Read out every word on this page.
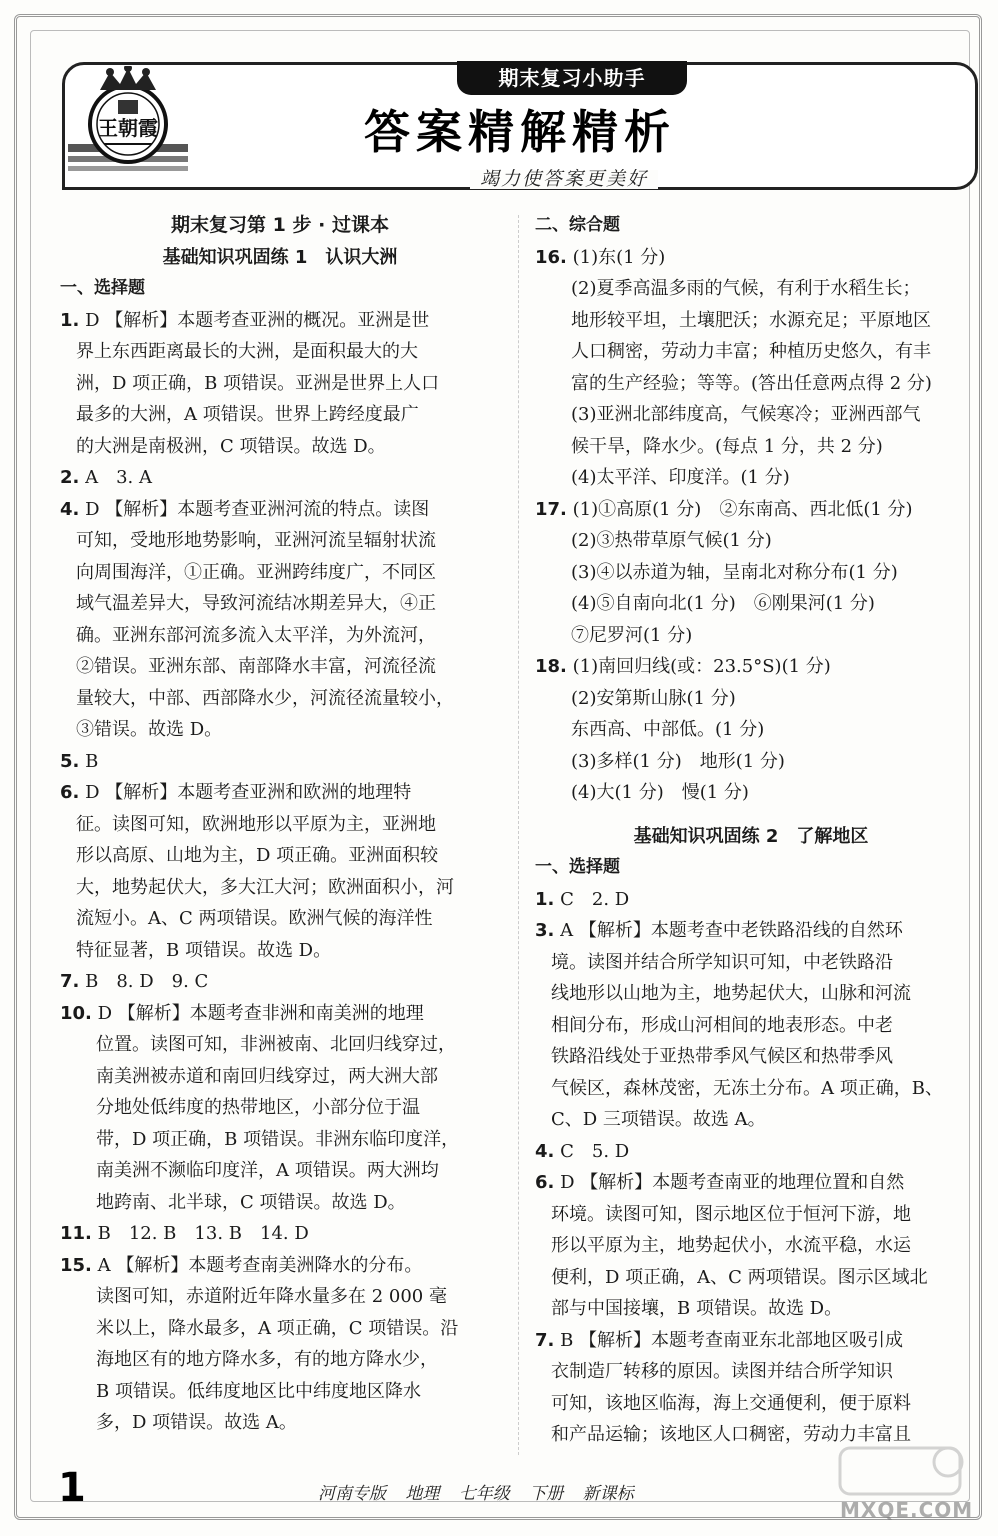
期末复习小助手
答案精解精析
竭力使答案更美好
王朝霞
期末复习第 1 步 · 过课本
基础知识巩固练 1　认识大洲
一、选择题
1. D 【解析】本题考查亚洲的概况。亚洲是世
界上东西距离最长的大洲，是面积最大的大
洲，D 项正确，B 项错误。亚洲是世界上人口
最多的大洲，A 项错误。世界上跨经度最广
的大洲是南极洲，C 项错误。故选 D。
2. A　3. A
4. D 【解析】本题考查亚洲河流的特点。读图
可知，受地形地势影响，亚洲河流呈辐射状流
向周围海洋，①正确。亚洲跨纬度广，不同区
域气温差异大，导致河流结冰期差异大，④正
确。亚洲东部河流多流入太平洋，为外流河，
②错误。亚洲东部、南部降水丰富，河流径流
量较大，中部、西部降水少，河流径流量较小，
③错误。故选 D。
5. B
6. D 【解析】本题考查亚洲和欧洲的地理特
征。读图可知，欧洲地形以平原为主，亚洲地
形以高原、山地为主，D 项正确。亚洲面积较
大，地势起伏大，多大江大河；欧洲面积小，河
流短小。A、C 两项错误。欧洲气候的海洋性
特征显著，B 项错误。故选 D。
7. B　8. D　9. C
10. D 【解析】本题考查非洲和南美洲的地理
位置。读图可知，非洲被南、北回归线穿过，
南美洲被赤道和南回归线穿过，两大洲大部
分地处低纬度的热带地区，小部分位于温
带，D 项正确，B 项错误。非洲东临印度洋，
南美洲不濒临印度洋，A 项错误。两大洲均
地跨南、北半球，C 项错误。故选 D。
11. B　12. B　13. B　14. D
15. A 【解析】本题考查南美洲降水的分布。
读图可知，赤道附近年降水量多在 2 000 毫
米以上，降水最多，A 项正确，C 项错误。沿
海地区有的地方降水多，有的地方降水少，
B 项错误。低纬度地区比中纬度地区降水
多，D 项错误。故选 A。
二、综合题
16. (1)东(1 分)
(2)夏季高温多雨的气候，有利于水稻生长；
地形较平坦，土壤肥沃；水源充足；平原地区
人口稠密，劳动力丰富；种植历史悠久，有丰
富的生产经验；等等。(答出任意两点得 2 分)
(3)亚洲北部纬度高，气候寒冷；亚洲西部气
候干旱，降水少。(每点 1 分，共 2 分)
(4)太平洋、印度洋。(1 分)
17. (1)①高原(1 分)　②东南高、西北低(1 分)
(2)③热带草原气候(1 分)
(3)④以赤道为轴，呈南北对称分布(1 分)
(4)⑤自南向北(1 分)　⑥刚果河(1 分)
⑦尼罗河(1 分)
18. (1)南回归线(或：23.5°S)(1 分)
(2)安第斯山脉(1 分)
东西高、中部低。(1 分)
(3)多样(1 分)　地形(1 分)
(4)大(1 分)　慢(1 分)
基础知识巩固练 2　了解地区
一、选择题
1. C　2. D
3. A 【解析】本题考查中老铁路沿线的自然环
境。读图并结合所学知识可知，中老铁路沿
线地形以山地为主，地势起伏大，山脉和河流
相间分布，形成山河相间的地表形态。中老
铁路沿线处于亚热带季风气候区和热带季风
气候区，森林茂密，无冻土分布。A 项正确，B、
C、D 三项错误。故选 A。
4. C　5. D
6. D 【解析】本题考查南亚的地理位置和自然
环境。读图可知，图示地区位于恒河下游，地
形以平原为主，地势起伏小，水流平稳，水运
便利，D 项正确，A、C 两项错误。图示区域北
部与中国接壤，B 项错误。故选 D。
7. B 【解析】本题考查南亚东北部地区吸引成
衣制造厂转移的原因。读图并结合所学知识
可知，该地区临海，海上交通便利，便于原料
和产品运输；该地区人口稠密，劳动力丰富且
1	河南专版 地理 七年级 下册 新课标
MXQE.COM
